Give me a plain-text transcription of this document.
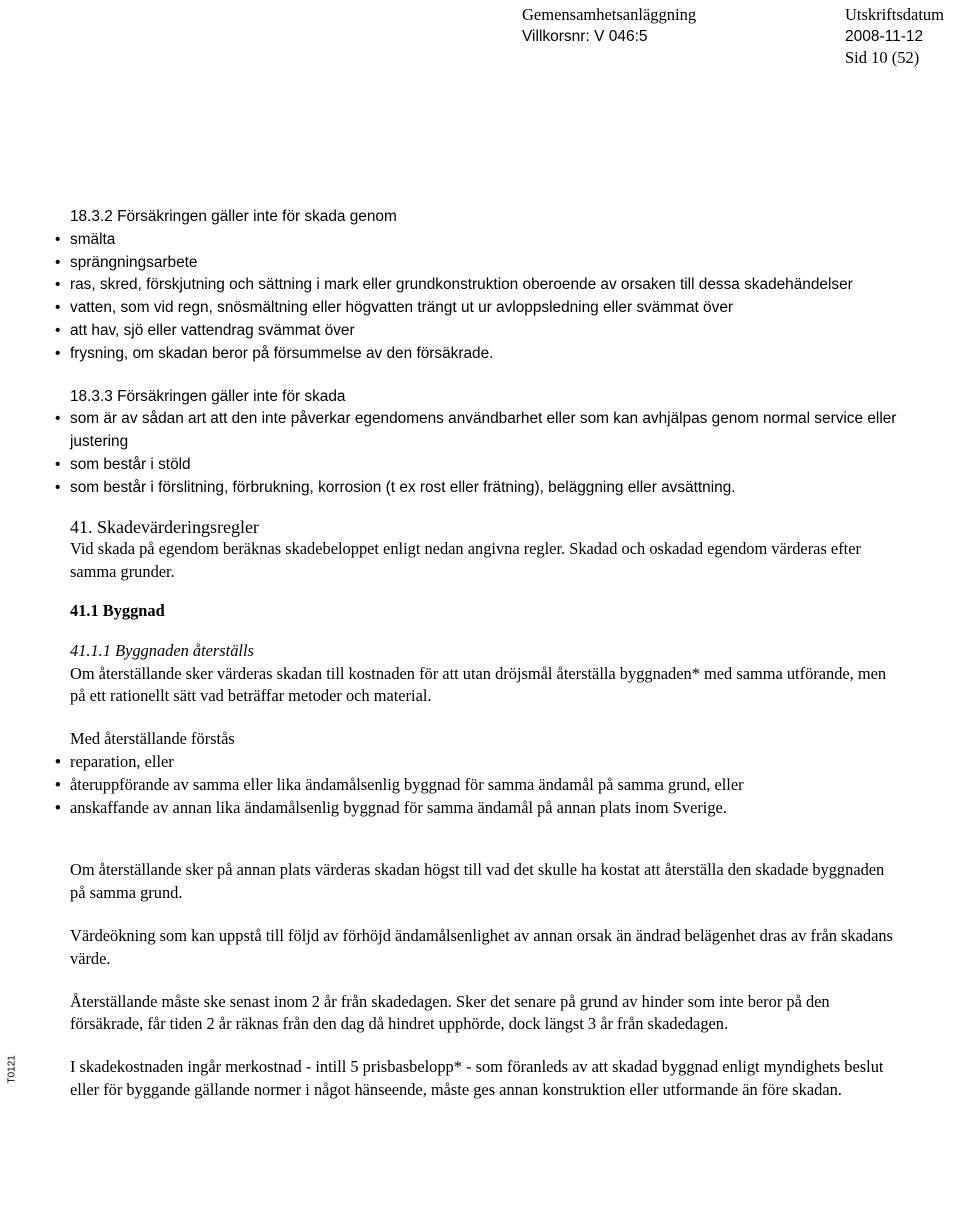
Gemensamhetsanläggning
Villkorsnr: V 046:5
Utskriftsdatum
2008-11-12
Sid 10 (52)
T0121

18.3.2 Försäkringen gäller inte för skada genom

• smälta
• sprängningsarbete
• ras, skred, förskjutning och sättning i mark eller grundkonstruktion oberoende av orsaken till dessa skadehändelser
• vatten, som vid regn, snösmältning eller högvatten trängt ut ur avloppsledning eller svämmat över
• att hav, sjö eller vattendrag svämmat över
• frysning, om skadan beror på försummelse av den försäkrade.

18.3.3 Försäkringen gäller inte för skada

• som är av sådan art att den inte påverkar egendomens användbarhet eller som kan avhjälpas genom normal service eller justering
• som består i stöld
• som består i förslitning, förbrukning, korrosion (t ex rost eller frätning), beläggning eller avsättning.

41. Skadevärderingsregler

Vid skada på egendom beräknas skadebeloppet enligt nedan angivna regler. Skadad och oskadad egendom värderas efter samma grunder.

41.1 Byggnad

41.1.1 Byggnaden återställs

Om återställande sker värderas skadan till kostnaden för att utan dröjsmål återställa byggnaden* med samma utförande, men på ett rationellt sätt vad beträffar metoder och material.

Med återställande förstås

• reparation, eller
• återuppförande av samma eller lika ändamålsenlig byggnad för samma ändamål på samma grund, eller
• anskaffande av annan lika ändamålsenlig byggnad för samma ändamål på annan plats inom Sverige.

Om återställande sker på annan plats värderas skadan högst till vad det skulle ha kostat att återställa den skadade byggnaden på samma grund.

Värdeökning som kan uppstå till följd av förhöjd ändamålsenlighet av annan orsak än ändrad belägenhet dras av från skadans värde.

Återställande måste ske senast inom 2 år från skadedagen. Sker det senare på grund av hinder som inte beror på den försäkrade, får tiden 2 år räknas från den dag då hindret upphörde, dock längst 3 år från skadedagen.

I skadekostnaden ingår merkostnad - intill 5 prisbasbelopp* - som föranleds av att skadad byggnad enligt myndighets beslut eller för byggande gällande normer i något hänseende, måste ges annan konstruktion eller utformande än före skadan.
